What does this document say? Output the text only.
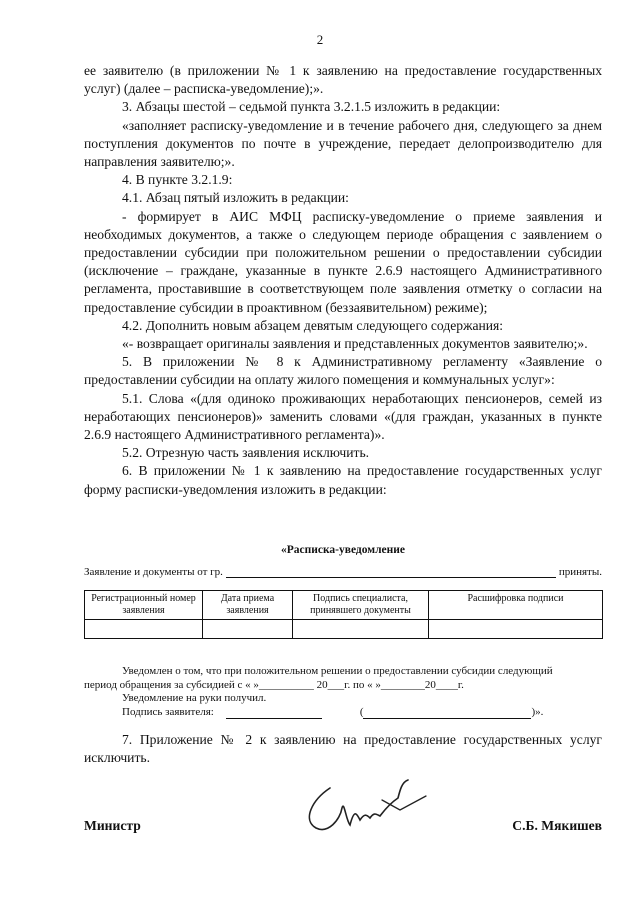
2

ее заявителю (в приложении № 1 к заявлению на предоставление государственных услуг) (далее – расписка-уведомление);».

3. Абзацы шестой – седьмой пункта 3.2.1.5 изложить в редакции:

«заполняет расписку-уведомление и в течение рабочего дня, следующего за днем поступления документов по почте в учреждение, передает делопроизводителю для направления заявителю;».

4. В пункте 3.2.1.9:

4.1. Абзац пятый изложить в редакции:

- формирует в АИС МФЦ расписку-уведомление о приеме заявления и необходимых документов, а также о следующем периоде обращения с заявлением о предоставлении субсидии при положительном решении о предоставлении субсидии (исключение – граждане, указанные в пункте 2.6.9 настоящего Административного регламента, проставившие в соответствующем поле заявления отметку о согласии на предоставление субсидии в проактивном (беззаявительном) режиме);

4.2. Дополнить новым абзацем девятым следующего содержания:

«- возвращает оригиналы заявления и представленных документов заявителю;».

5. В приложении № 8 к Административному регламенту «Заявление о предоставлении субсидии на оплату жилого помещения и коммунальных услуг»:

5.1. Слова «(для одиноко проживающих неработающих пенсионеров, семей из неработающих пенсионеров)» заменить словами «(для граждан, указанных в пункте 2.6.9 настоящего Административного регламента)».

5.2. Отрезную часть заявления исключить.

6. В приложении № 1 к заявлению на предоставление государственных услуг форму расписки-уведомления изложить в редакции:

«Расписка-уведомление
Заявление и документы от гр.	приняты.
Регистрационный номер заявления	Дата приема заявления	Подпись специалиста, принявшего документы	Расшифровка подписи

Уведомлен о том, что при положительном решении о предоставлении субсидии следующий

период обращения за субсидией с « »__________ 20___г. по « »________20____г.

Уведомление на руки получил.

Подпись заявителя:	(	)».

7. Приложение № 2 к заявлению на предоставление государственных услуг исключить.

Министр	С.Б. Мякишев
